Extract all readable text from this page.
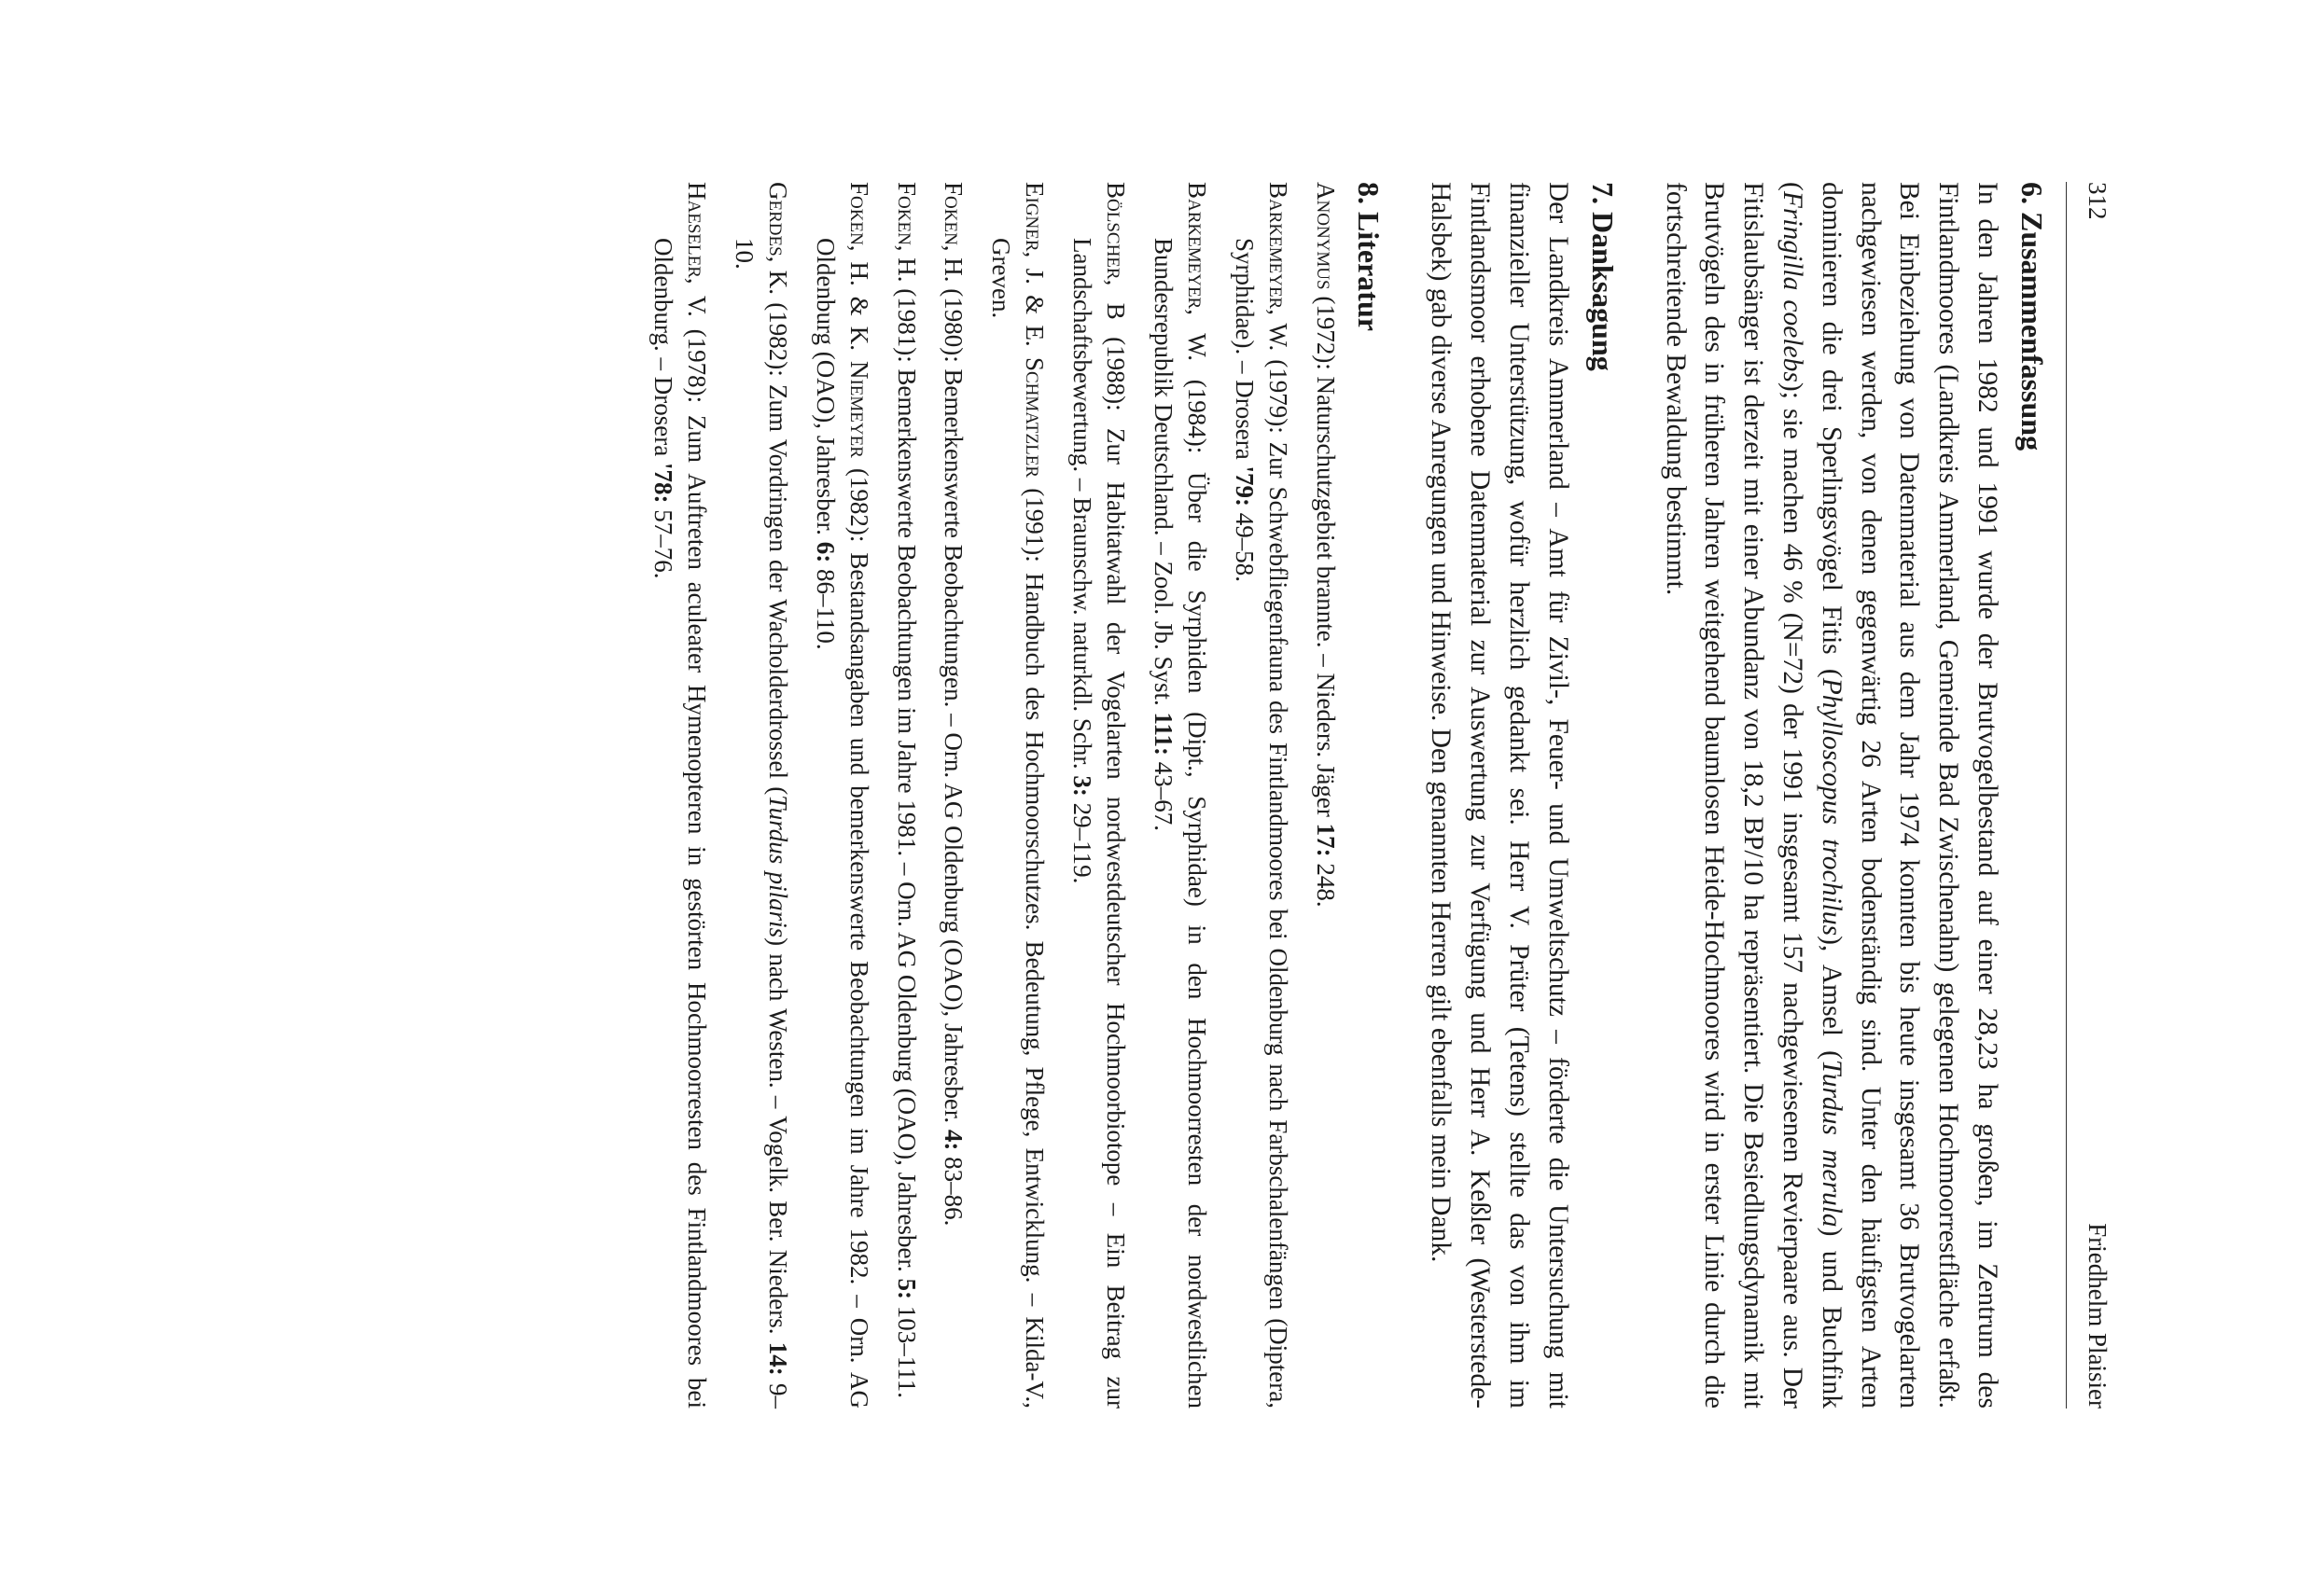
312
Friedhelm Plaisier
6. Zusammenfassung

In den Jahren 1982 und 1991 wurde der Brutvogelbestand auf einer 28,23 ha großen, im Zentrum des Fintlandmoores (Landkreis Ammerland, Gemeinde Bad Zwischenahn) gelegenen Hochmoorrestfläche erfaßt. Bei Einbeziehung von Datenmaterial aus dem Jahr 1974 konnten bis heute insgesamt 36 Brutvogelarten nachgewiesen werden, von denen gegenwärtig 26 Arten bodenständig sind. Unter den häufigsten Arten dominieren die drei Sperlingsvögel Fitis (Phylloscopus trochilus), Amsel (Turdus merula) und Buchfink (Fringilla coelebs); sie machen 46 % (N=72) der 1991 insgesamt 157 nachgewiesenen Revierpaare aus. Der Fitislaubsänger ist derzeit mit einer Abundanz von 18,2 BP/10 ha repräsentiert. Die Besiedlungsdynamik mit Brutvögeln des in früheren Jahren weitgehend baumlosen Heide-Hochmoores wird in erster Linie durch die fortschreitende Bewaldung bestimmt.

7. Danksagung

Der Landkreis Ammerland – Amt für Zivil-, Feuer- und Umweltschutz – förderte die Untersuchung mit finanzieller Unterstützung, wofür herzlich gedankt sei. Herr V. Prüter (Tetens) stellte das von ihm im Fintlandsmoor erhobene Datenmaterial zur Auswertung zur Verfügung und Herr A. Keßler (Westerstede-Halsbek) gab diverse Anregungen und Hinweise. Den genannten Herren gilt ebenfalls mein Dank.

8. Literatur

Anonymus (1972): Naturschutzgebiet brannte. – Nieders. Jäger 17: 248.

Barkemeyer, W. (1979): Zur Schwebfliegenfauna des Fintlandmoores bei Oldenburg nach Farbschalenfängen (Diptera, Syrphidae). – Drosera '79: 49–58.

Barkemeyer, W. (1984): Über die Syrphiden (Dipt., Syrphidae) in den Hochmoorresten der nordwestlichen Bundesrepublik Deutschland. – Zool. Jb. Syst. 111: 43–67.

Bölscher, B (1988): Zur Habitatwahl der Vogelarten nordwestdeutscher Hochmoorbiotope – Ein Beitrag zur Landschaftsbewertung. – Braunschw. naturkdl. Schr. 3: 29–119.

Eigner, J. & E. Schmatzler (1991): Handbuch des Hochmoorschutzes. Bedeutung, Pflege, Entwicklung. – Kilda-V., Greven.

Foken, H. (1980): Bemerkenswerte Beobachtungen. – Orn. AG Oldenburg (OAO), Jahresber. 4: 83–86.

Foken, H. (1981): Bemerkenswerte Beobachtungen im Jahre 1981. – Orn. AG Oldenburg (OAO), Jahresber. 5: 103–111.

Foken, H. & K. Niemeyer (1982): Bestandsangaben und bemerkenswerte Beobachtungen im Jahre 1982. – Orn. AG Oldenburg (OAO), Jahresber. 6: 86–110.

Gerdes, K. (1982): Zum Vordringen der Wacholderdrossel (Turdus pilaris) nach Westen. – Vogelk. Ber. Nieders. 14: 9–10.

Haeseler, V. (1978): Zum Auftreten aculeater Hymenopteren in gestörten Hochmoorresten des Fintlandmoores bei Oldenburg. – Drosera '78: 57–76.
